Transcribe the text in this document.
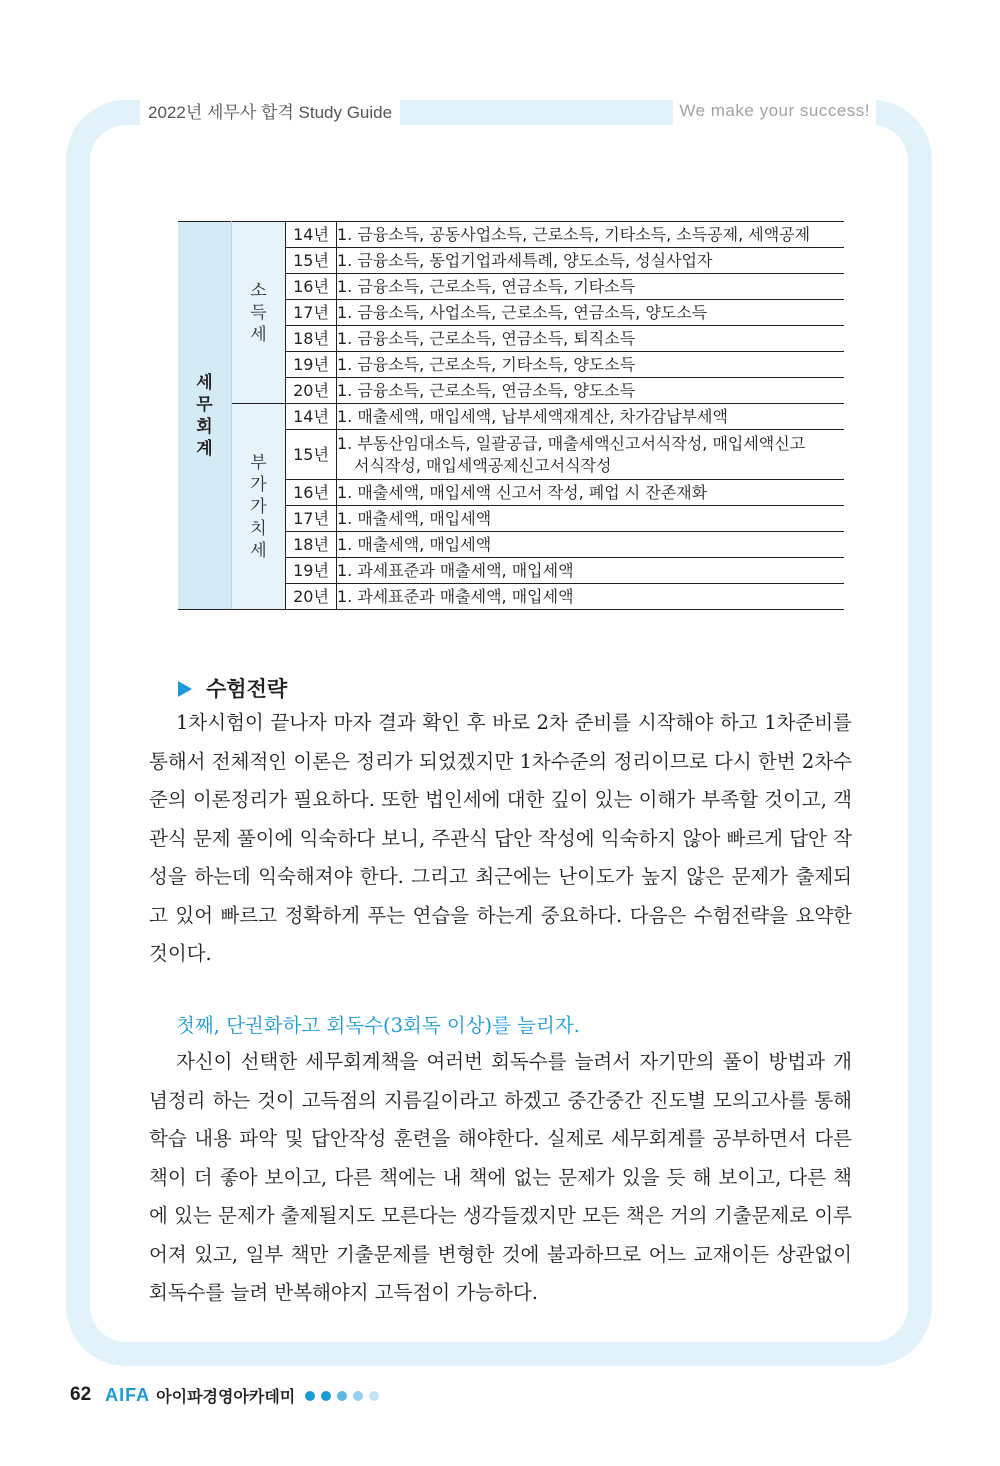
2022년 세무사 합격 Study Guide	We make your success!
세
무
회
계	소
득
세	14년	1. 금융소득, 공동사업소득, 근로소득, 기타소득, 소득공제, 세액공제
		15년	1. 금융소득, 동업기업과세특례, 양도소득, 성실사업자
		16년	1. 금융소득, 근로소득, 연금소득, 기타소득
		17년	1. 금융소득, 사업소득, 근로소득, 연금소득, 양도소득
		18년	1. 금융소득, 근로소득, 연금소득, 퇴직소득
		19년	1. 금융소득, 근로소득, 기타소득, 양도소득
		20년	1. 금융소득, 근로소득, 연금소득, 양도소득
	부
가
가
치
세	14년	1. 매출세액, 매입세액, 납부세액재계산, 차가감납부세액
		15년	1. 부동산임대소득, 일괄공급, 매출세액신고서식작성, 매입세액신고
서식작성, 매입세액공제신고서식작성
		16년	1. 매출세액, 매입세액 신고서 작성, 폐업 시 잔존재화
		17년	1. 매출세액, 매입세액
		18년	1. 매출세액, 매입세액
		19년	1. 과세표준과 매출세액, 매입세액
		20년	1. 과세표준과 매출세액, 매입세액
수험전략

1차시험이 끝나자 마자 결과 확인 후 바로 2차 준비를 시작해야 하고 1차준비를 통해서 전체적인 이론은 정리가 되었겠지만 1차수준의 정리이므로 다시 한번 2차수준의 이론정리가 필요하다. 또한 법인세에 대한 깊이 있는 이해가 부족할 것이고, 객관식 문제 풀이에 익숙하다 보니, 주관식 답안 작성에 익숙하지 않아 빠르게 답안 작성을 하는데 익숙해져야 한다. 그리고 최근에는 난이도가 높지 않은 문제가 출제되고 있어 빠르고 정확하게 푸는 연습을 하는게 중요하다. 다음은 수험전략을 요약한 것이다.

첫째, 단권화하고 회독수(3회독 이상)를 늘리자.

자신이 선택한 세무회계책을 여러번 회독수를 늘려서 자기만의 풀이 방법과 개념정리 하는 것이 고득점의 지름길이라고 하겠고 중간중간 진도별 모의고사를 통해 학습 내용 파악 및 답안작성 훈련을 해야한다. 실제로 세무회계를 공부하면서 다른 책이 더 좋아 보이고, 다른 책에는 내 책에 없는 문제가 있을 듯 해 보이고, 다른 책에 있는 문제가 출제될지도 모른다는 생각들겠지만 모든 책은 거의 기출문제로 이루어져 있고, 일부 책만 기출문제를 변형한 것에 불과하므로 어느 교재이든 상관없이 회독수를 늘려 반복해야지 고득점이 가능하다.

62 AIFA 아이파경영아카데미
